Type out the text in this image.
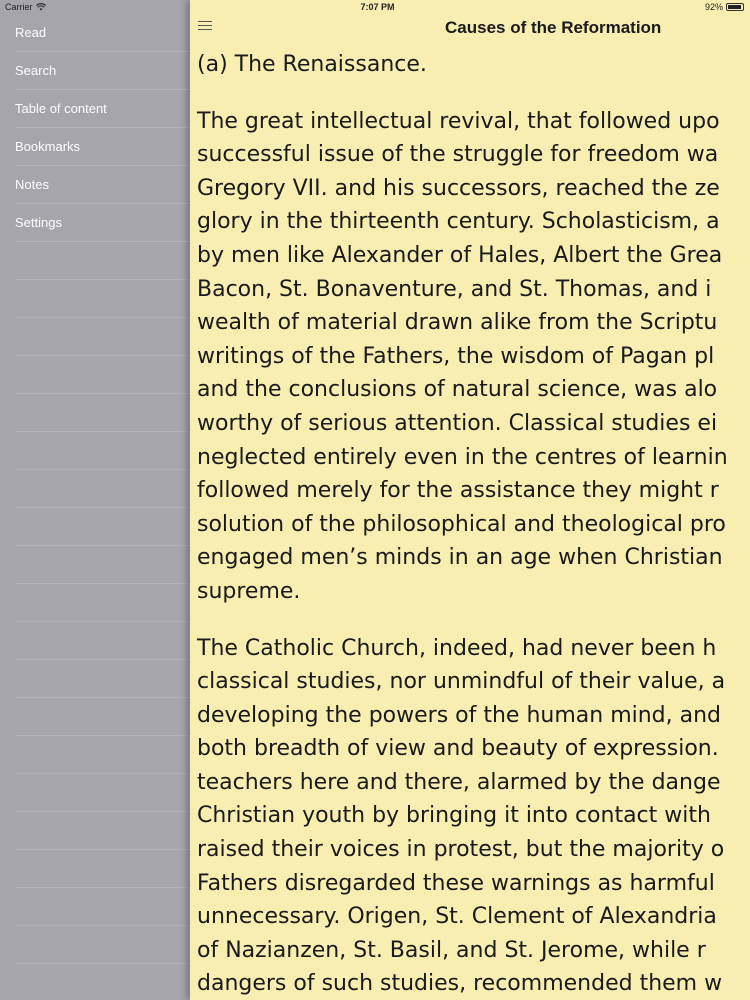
Carrier
Read
Search
Table of content
Bookmarks
Notes
Settings
7:07 PM	92%
Causes of the Reformation
(a) The Renaissance.
The great intellectual revival, that followed upo
successful issue of the struggle for freedom wa
Gregory VII. and his successors, reached the ze
glory in the thirteenth century. Scholasticism, a
by men like Alexander of Hales, Albert the Grea
Bacon, St. Bonaventure, and St. Thomas, and i
wealth of material drawn alike from the Scriptu
writings of the Fathers, the wisdom of Pagan pl
and the conclusions of natural science, was alo
worthy of serious attention. Classical studies ei
neglected entirely even in the centres of learnin
followed merely for the assistance they might r
solution of the philosophical and theological pro
engaged men’s minds in an age when Christian
supreme.
The Catholic Church, indeed, had never been h
classical studies, nor unmindful of their value, a
developing the powers of the human mind, and
both breadth of view and beauty of expression.
teachers here and there, alarmed by the dange
Christian youth by bringing it into contact with
raised their voices in protest, but the majority o
Fathers disregarded these warnings as harmful
unnecessary. Origen, St. Clement of Alexandria
of Nazianzen, St. Basil, and St. Jerome, while r
dangers of such studies, recommended them w
